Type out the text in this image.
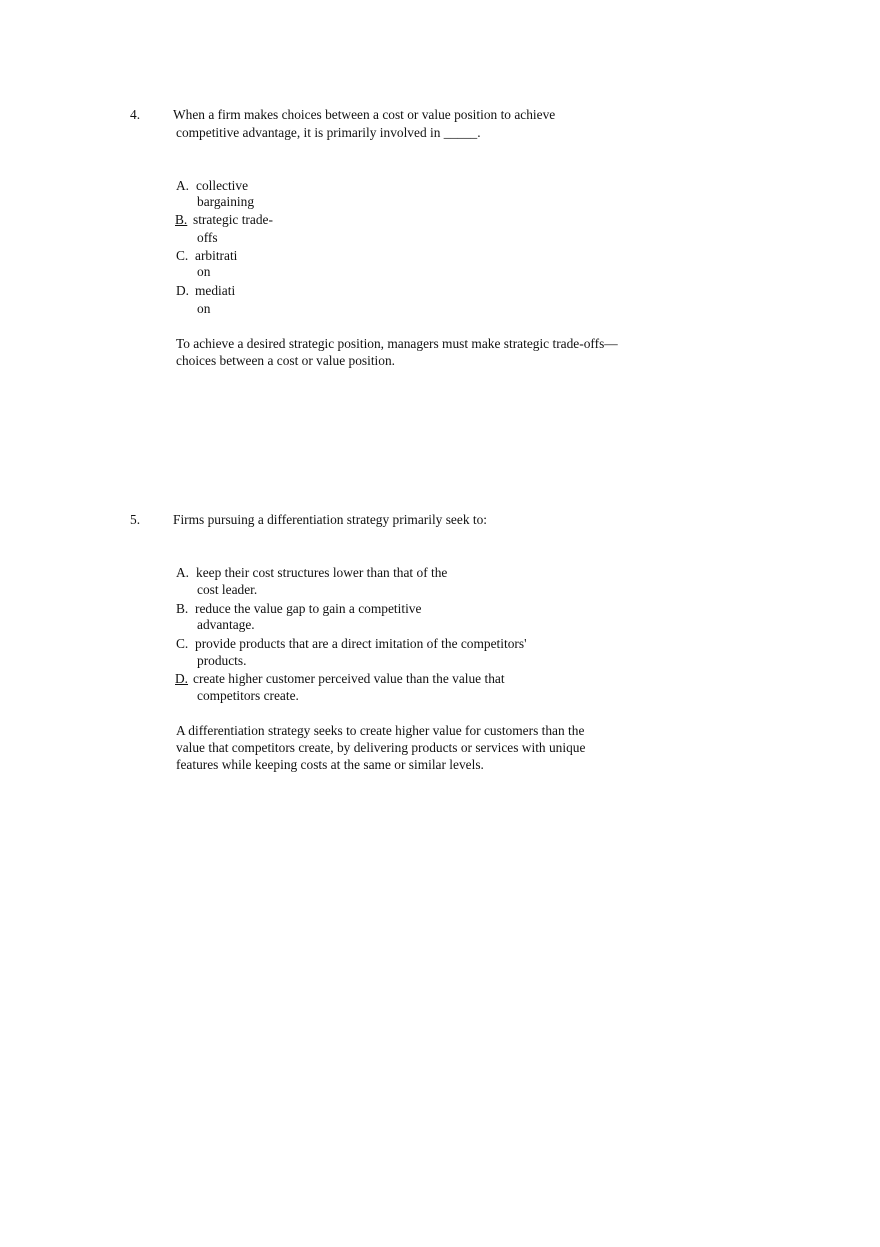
4. When a firm makes choices between a cost or value position to achieve
competitive advantage, it is primarily involved in _____.
A. collective
bargaining
B. strategic trade-
offs
C. arbitrati
on
D. mediati
on
To achieve a desired strategic position, managers must make strategic trade-offs—
choices between a cost or value position.
5. Firms pursuing a differentiation strategy primarily seek to:
A. keep their cost structures lower than that of the
cost leader.
B. reduce the value gap to gain a competitive
advantage.
C. provide products that are a direct imitation of the competitors'
products.
D. create higher customer perceived value than the value that
competitors create.
A differentiation strategy seeks to create higher value for customers than the
value that competitors create, by delivering products or services with unique
features while keeping costs at the same or similar levels.
